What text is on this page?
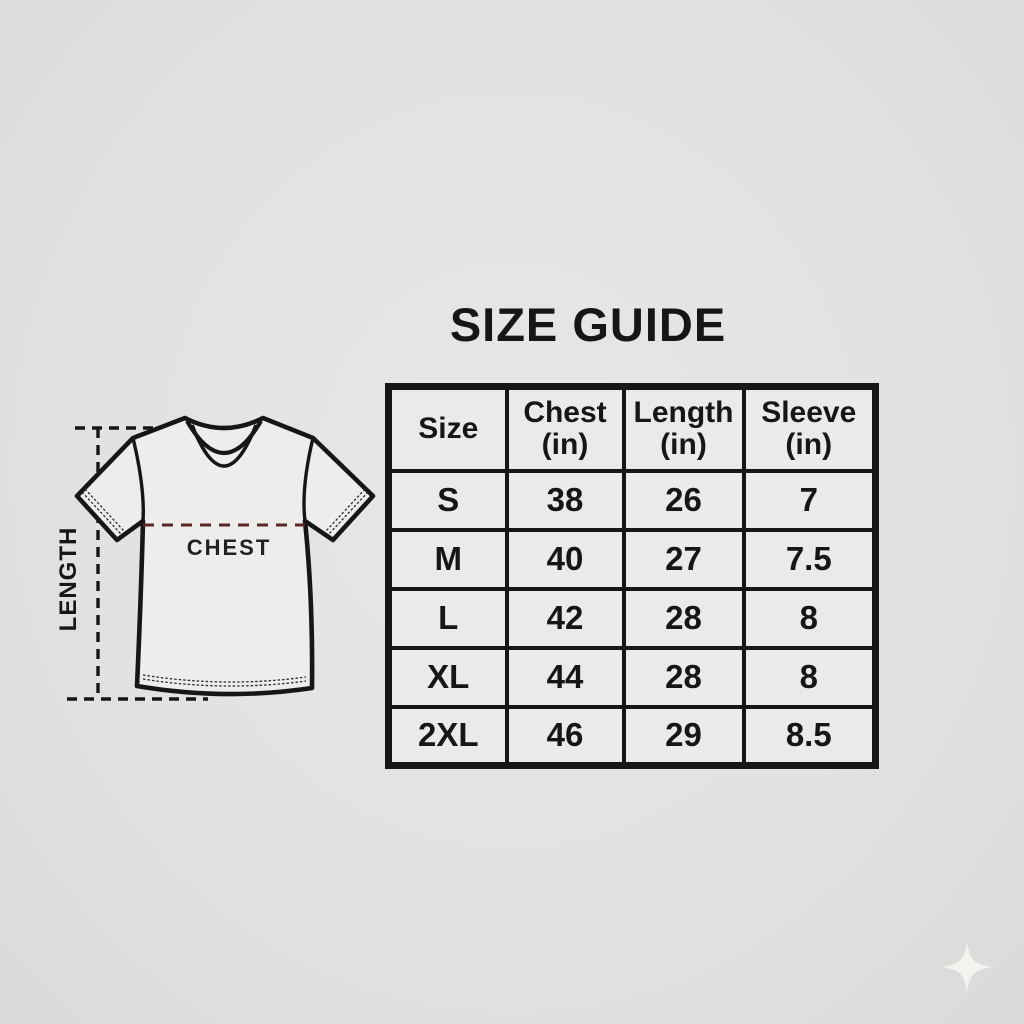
SIZE GUIDE
CHEST
LENGTH
Size	Chest (in)	Length (in)	Sleeve (in)
S	38	26	7
M	40	27	7.5
L	42	28	8
XL	44	28	8
2XL	46	29	8.5
